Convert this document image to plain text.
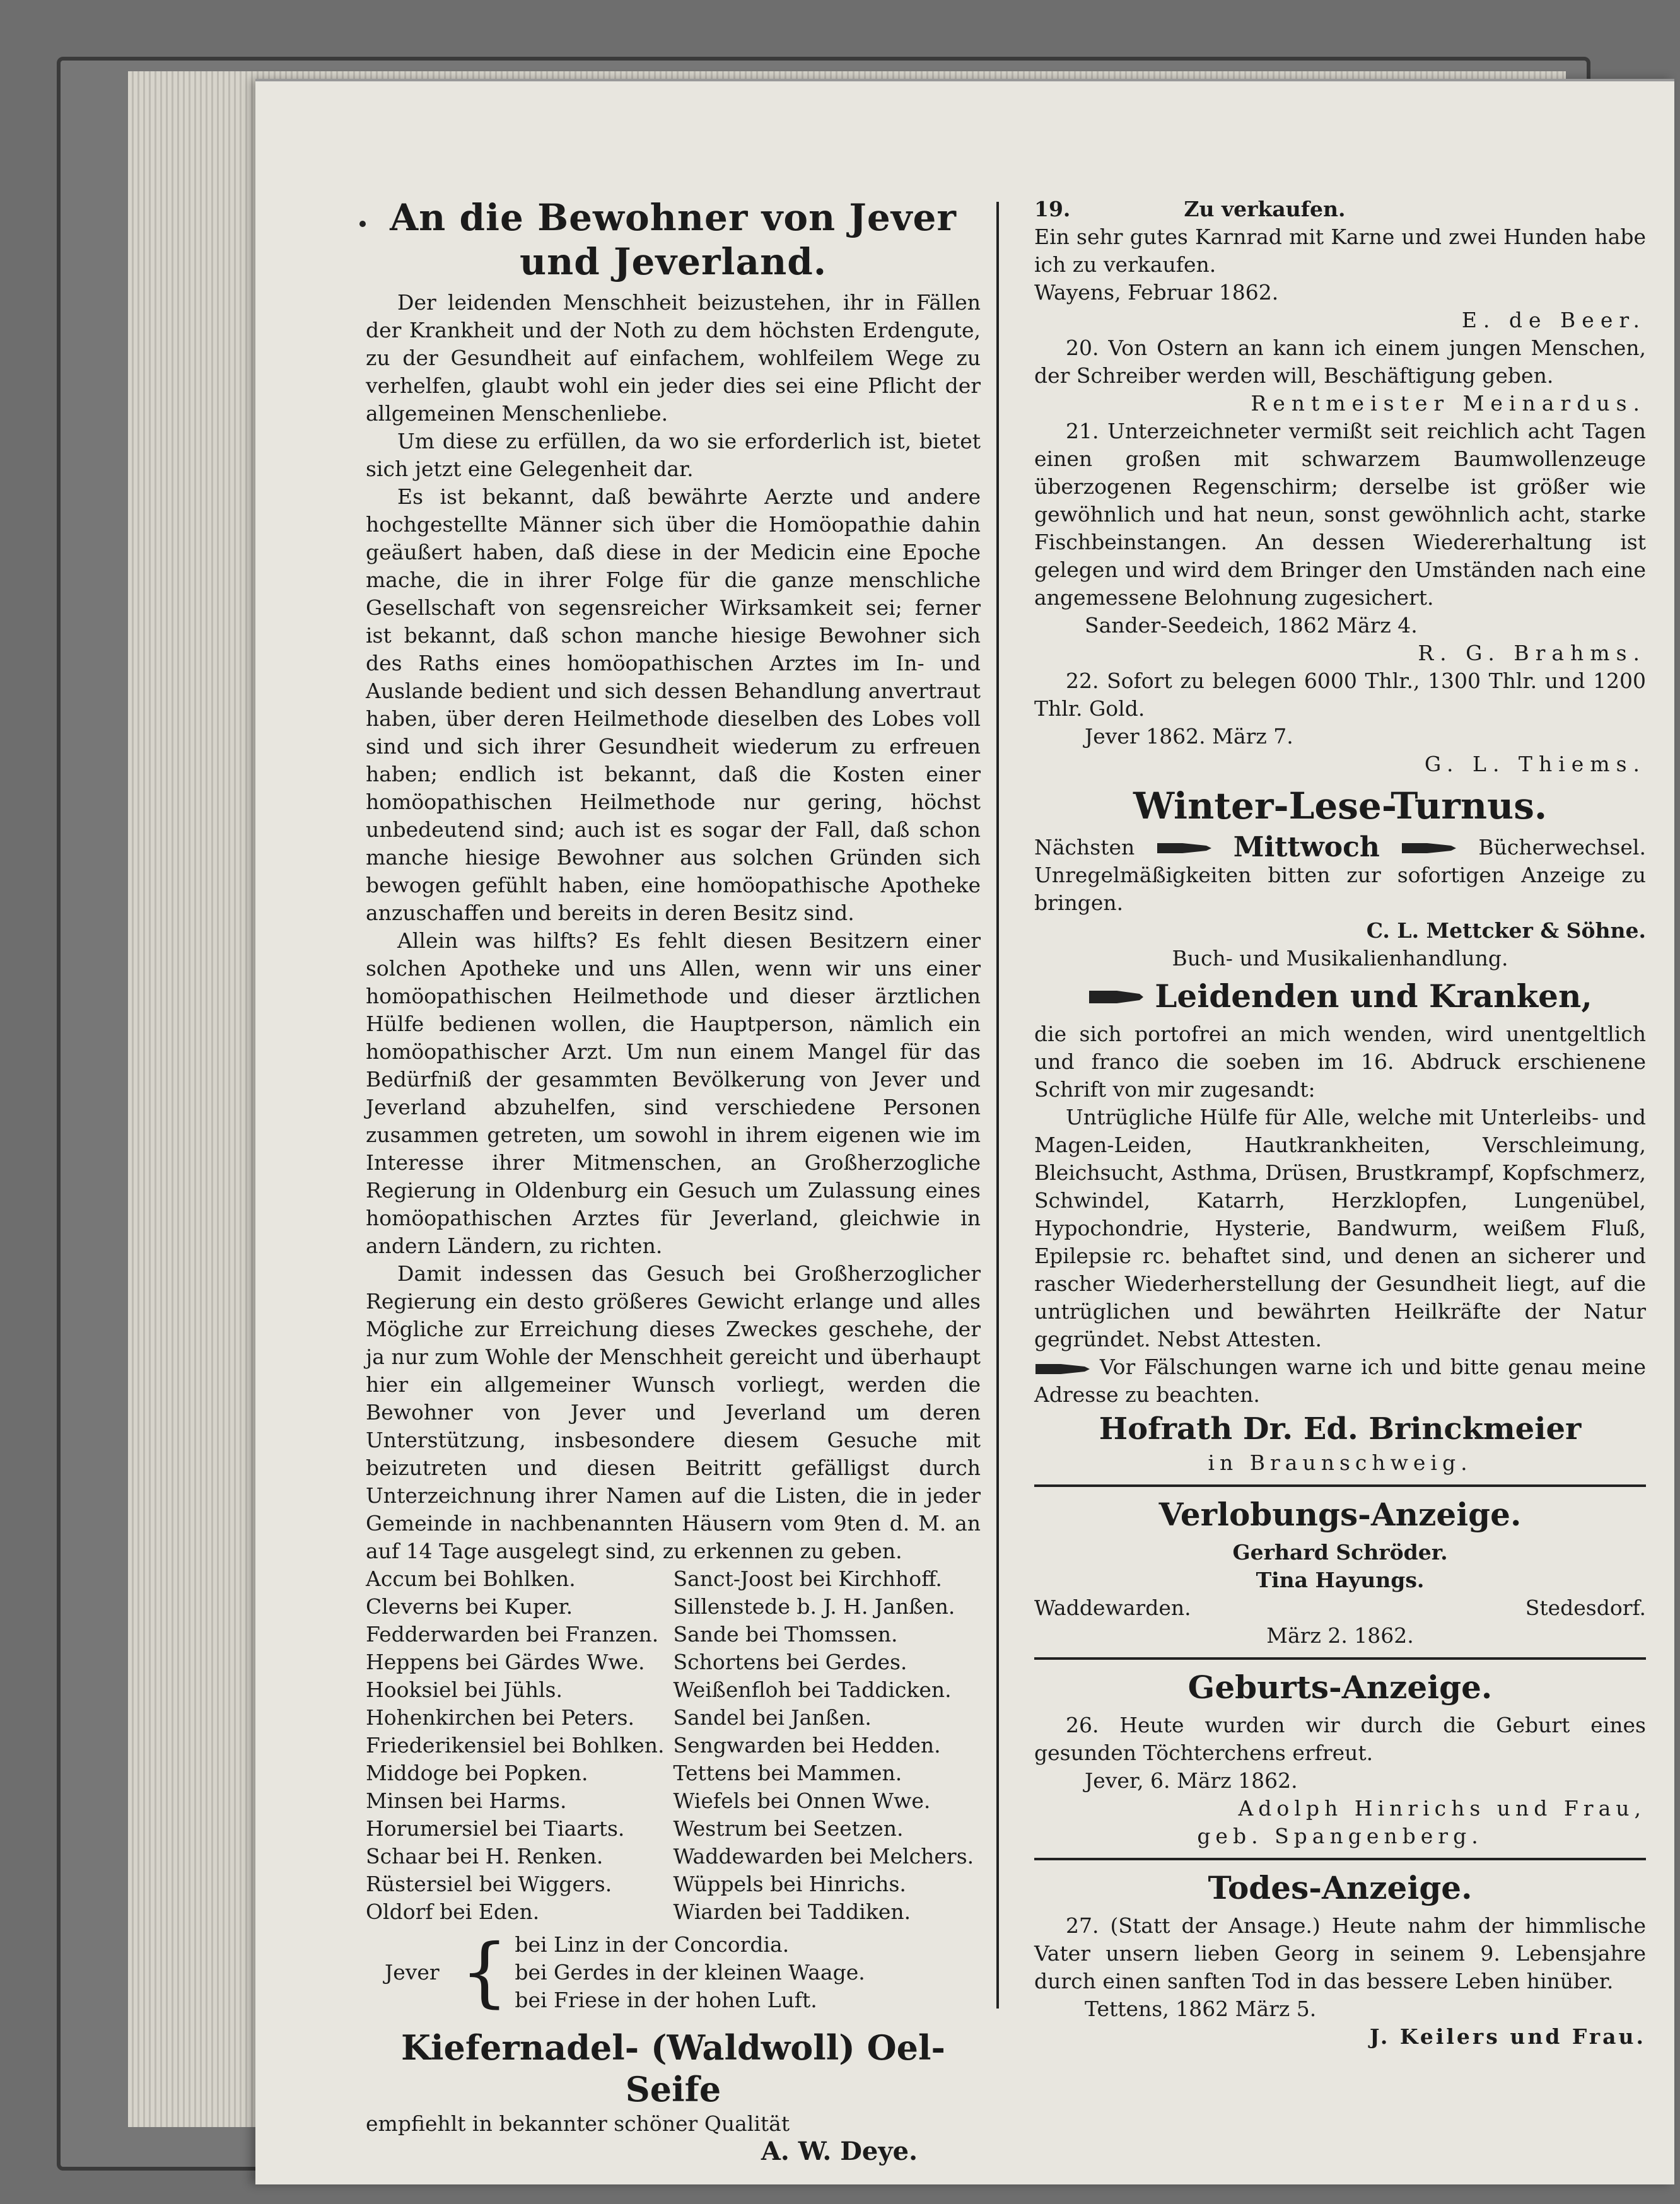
An die Bewohner von Jever und Jeverland.

Der leidenden Menschheit beizustehen, ihr in Fällen der Krankheit und der Noth zu dem höchsten Erdengute, zu der Gesundheit auf einfachem, wohlfeilem Wege zu verhelfen, glaubt wohl ein jeder dies sei eine Pflicht der allgemeinen Menschenliebe.

Um diese zu erfüllen, da wo sie erforderlich ist, bietet sich jetzt eine Gelegenheit dar.

Es ist bekannt, daß bewährte Aerzte und andere hochgestellte Männer sich über die Homöopathie dahin geäußert haben, daß diese in der Medicin eine Epoche mache, die in ihrer Folge für die ganze menschliche Gesellschaft von segensreicher Wirksamkeit sei; ferner ist bekannt, daß schon manche hiesige Bewohner sich des Raths eines homöopathischen Arztes im In- und Auslande bedient und sich dessen Behandlung anvertraut haben, über deren Heilmethode dieselben des Lobes voll sind und sich ihrer Gesundheit wiederum zu erfreuen haben; endlich ist bekannt, daß die Kosten einer homöopathischen Heilmethode nur gering, höchst unbedeutend sind; auch ist es sogar der Fall, daß schon manche hiesige Bewohner aus solchen Gründen sich bewogen gefühlt haben, eine homöopathische Apotheke anzuschaffen und bereits in deren Besitz sind.

Allein was hilfts? Es fehlt diesen Besitzern einer solchen Apotheke und uns Allen, wenn wir uns einer homöopathischen Heilmethode und dieser ärztlichen Hülfe bedienen wollen, die Hauptperson, nämlich ein homöopathischer Arzt. Um nun einem Mangel für das Bedürfniß der gesammten Bevölkerung von Jever und Jeverland abzuhelfen, sind verschiedene Personen zusammen getreten, um sowohl in ihrem eigenen wie im Interesse ihrer Mitmenschen, an Großherzogliche Regierung in Oldenburg ein Gesuch um Zulassung eines homöopathischen Arztes für Jeverland, gleichwie in andern Ländern, zu richten.

Damit indessen das Gesuch bei Großherzoglicher Regierung ein desto größeres Gewicht erlange und alles Mögliche zur Erreichung dieses Zweckes geschehe, der ja nur zum Wohle der Menschheit gereicht und überhaupt hier ein allgemeiner Wunsch vorliegt, werden die Bewohner von Jever und Jeverland um deren Unterstützung, insbesondere diesem Gesuche mit beizutreten und diesen Beitritt gefälligst durch Unterzeichnung ihrer Namen auf die Listen, die in jeder Gemeinde in nachbenannten Häusern vom 9ten d. M. an auf 14 Tage ausgelegt sind, zu erkennen zu geben.

Accum bei Bohlken.	Sanct-Joost bei Kirchhoff.
Cleverns bei Kuper.	Sillenstede b. J. H. Janßen.
Fedderwarden bei Franzen. Sande bei Thomssen.
Heppens bei Gärdes Wwe.	Schortens bei Gerdes.
Hooksiel bei Jühls.	Weißenfloh bei Taddicken.
Hohenkirchen bei Peters.	Sandel bei Janßen.
Friederikensiel bei Bohlken. Sengwarden bei Hedden.
Middoge bei Popken.	Tettens bei Mammen.
Minsen bei Harms.	Wiefels bei Onnen Wwe.
Horumersiel bei Tiaarts.	Westrum bei Seetzen.
Schaar bei H. Renken.	Waddewarden bei Melchers.
Rüstersiel bei Wiggers.	Wüppels bei Hinrichs.
Oldorf bei Eden.	Wiarden bei Taddiken.
Jever { bei Linz in der Concordia.
bei Gerdes in der kleinen Waage.
bei Friese in der hohen Luft.
Kiefernadel- (Waldwoll) Oel-Seife

empfiehlt in bekannter schöner Qualität

A. W. Deye.
19.	Zu verkaufen.

Ein sehr gutes Karnrad mit Karne und zwei Hunden habe ich zu verkaufen.

Wayens, Februar 1862.

E. de Beer.

20. Von Ostern an kann ich einem jungen Menschen, der Schreiber werden will, Beschäftigung geben.

Rentmeister Meinardus.

21. Unterzeichneter vermißt seit reichlich acht Tagen einen großen mit schwarzem Baumwollenzeuge überzogenen Regenschirm; derselbe ist größer wie gewöhnlich und hat neun, sonst gewöhnlich acht, starke Fischbeinstangen. An dessen Wiedererhaltung ist gelegen und wird dem Bringer den Umständen nach eine angemessene Belohnung zugesichert.

Sander-Seedeich, 1862 März 4.

R. G. Brahms.

22. Sofort zu belegen 6000 Thlr., 1300 Thlr. und 1200 Thlr. Gold.

Jever 1862. März 7.

G. L. Thiems.

Winter-Lese-Turnus.
Nächsten	Mittwoch	Bücherwechsel.

Unregelmäßigkeiten bitten zur sofortigen Anzeige zu bringen.

C. L. Mettcker & Söhne.

Buch- und Musikalienhandlung.

Leidenden und Kranken,

die sich portofrei an mich wenden, wird unentgeltlich und franco die soeben im 16. Abdruck erschienene Schrift von mir zugesandt:

Untrügliche Hülfe für Alle, welche mit Unterleibs- und Magen-Leiden, Hautkrankheiten, Verschleimung, Bleichsucht, Asthma, Drüsen, Brustkrampf, Kopfschmerz, Schwindel, Katarrh, Herzklopfen, Lungenübel, Hypochondrie, Hysterie, Bandwurm, weißem Fluß, Epilepsie rc. behaftet sind, und denen an sicherer und rascher Wiederherstellung der Gesundheit liegt, auf die untrüglichen und bewährten Heilkräfte der Natur gegründet. Nebst Attesten.

Vor Fälschungen warne ich und bitte genau meine Adresse zu beachten.

Hofrath Dr. Ed. Brinckmeier

in Braunschweig.

Verlobungs-Anzeige.

Gerhard Schröder.

Tina Hayungs.

Waddewarden.	Stedesdorf.

März 2. 1862.

Geburts-Anzeige.

26. Heute wurden wir durch die Geburt eines gesunden Töchterchens erfreut.

Jever, 6. März 1862.

Adolph Hinrichs und Frau,

geb. Spangenberg.

Todes-Anzeige.

27. (Statt der Ansage.) Heute nahm der himmlische Vater unsern lieben Georg in seinem 9. Lebensjahre durch einen sanften Tod in das bessere Leben hinüber.

Tettens, 1862 März 5.

J. Keilers und Frau.
